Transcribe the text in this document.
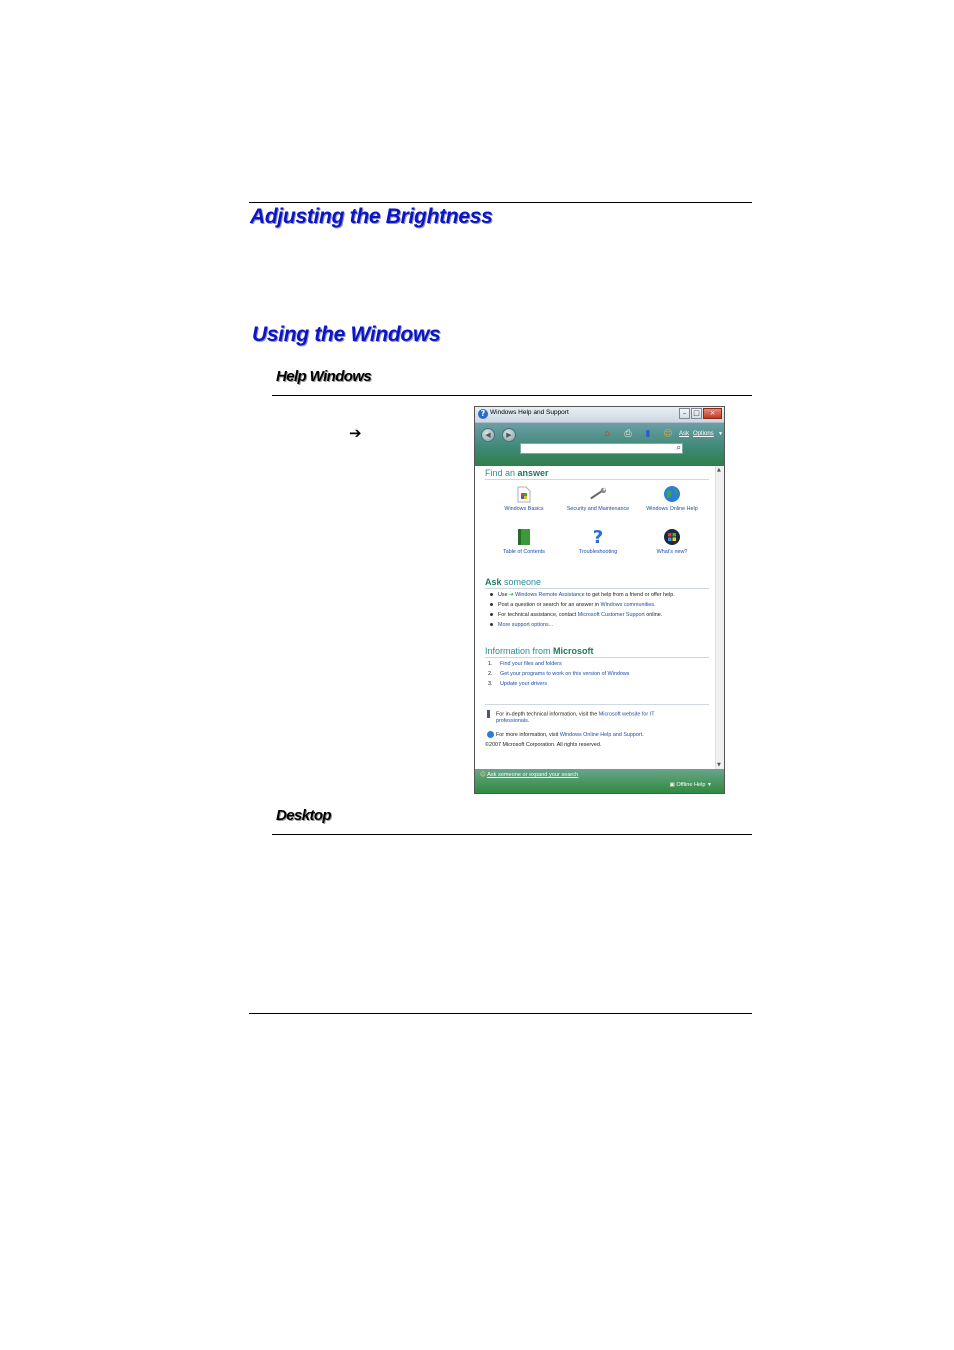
Adjusting the Brightness
Using the Windows
Help Windows
Desktop
➔
? Windows Help and Support	– □	×
◀	▶	⌂ ⎙ ▮ ☺ Ask Options ▼
⌕
Find an answer
Windows Basics	Security and Maintenance	Windows Online Help
Table of Contents
?
Troubleshooting	What's new?
Ask someone
Use ➔ Windows Remote Assistance to get help from a friend or offer help.
Post a question or search for an answer in Windows communities.
For technical assistance, contact Microsoft Customer Support online.
More support options...
Information from Microsoft
1. Find your files and folders
2. Get your programs to work on this version of Windows
3. Update your drivers
For in-depth technical information, visit the Microsoft website for IT
professionals.
For more information, visit Windows Online Help and Support.
©2007 Microsoft Corporation. All rights reserved.
▲
▼
☺ Ask someone or expand your search
▣ Offline Help ▼
